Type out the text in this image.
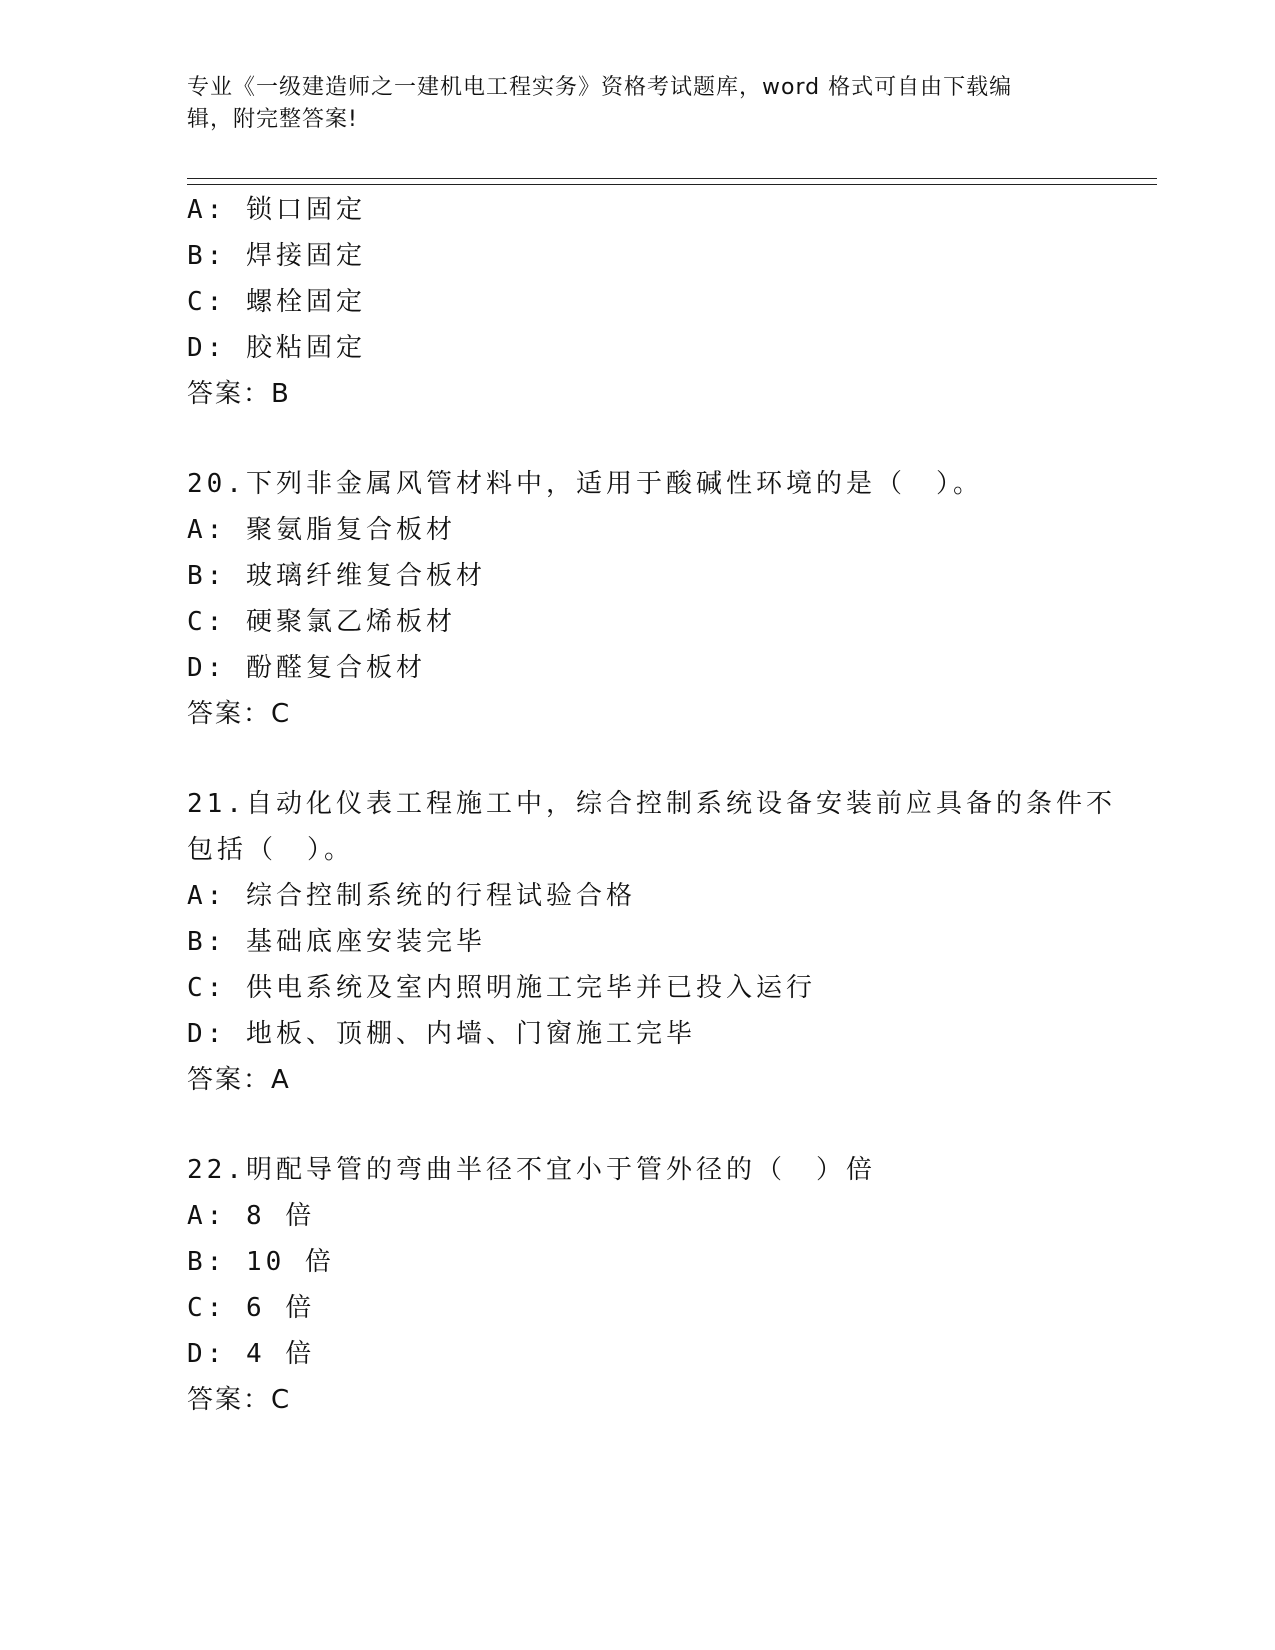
专业《一级建造师之一建机电工程实务》资格考试题库，word 格式可自由下载编
辑，附完整答案!
A: 锁口固定
B: 焊接固定
C: 螺栓固定
D: 胶粘固定
答案：B
20.下列非金属风管材料中，适用于酸碱性环境的是（　）。
A: 聚氨脂复合板材
B: 玻璃纤维复合板材
C: 硬聚氯乙烯板材
D: 酚醛复合板材
答案：C
21.自动化仪表工程施工中，综合控制系统设备安装前应具备的条件不
包括（　）。
A: 综合控制系统的行程试验合格
B: 基础底座安装完毕
C: 供电系统及室内照明施工完毕并已投入运行
D: 地板、顶棚、内墙、门窗施工完毕
答案：A
22.明配导管的弯曲半径不宜小于管外径的（　）倍
A: 8 倍
B: 10 倍
C: 6 倍
D: 4 倍
答案：C
